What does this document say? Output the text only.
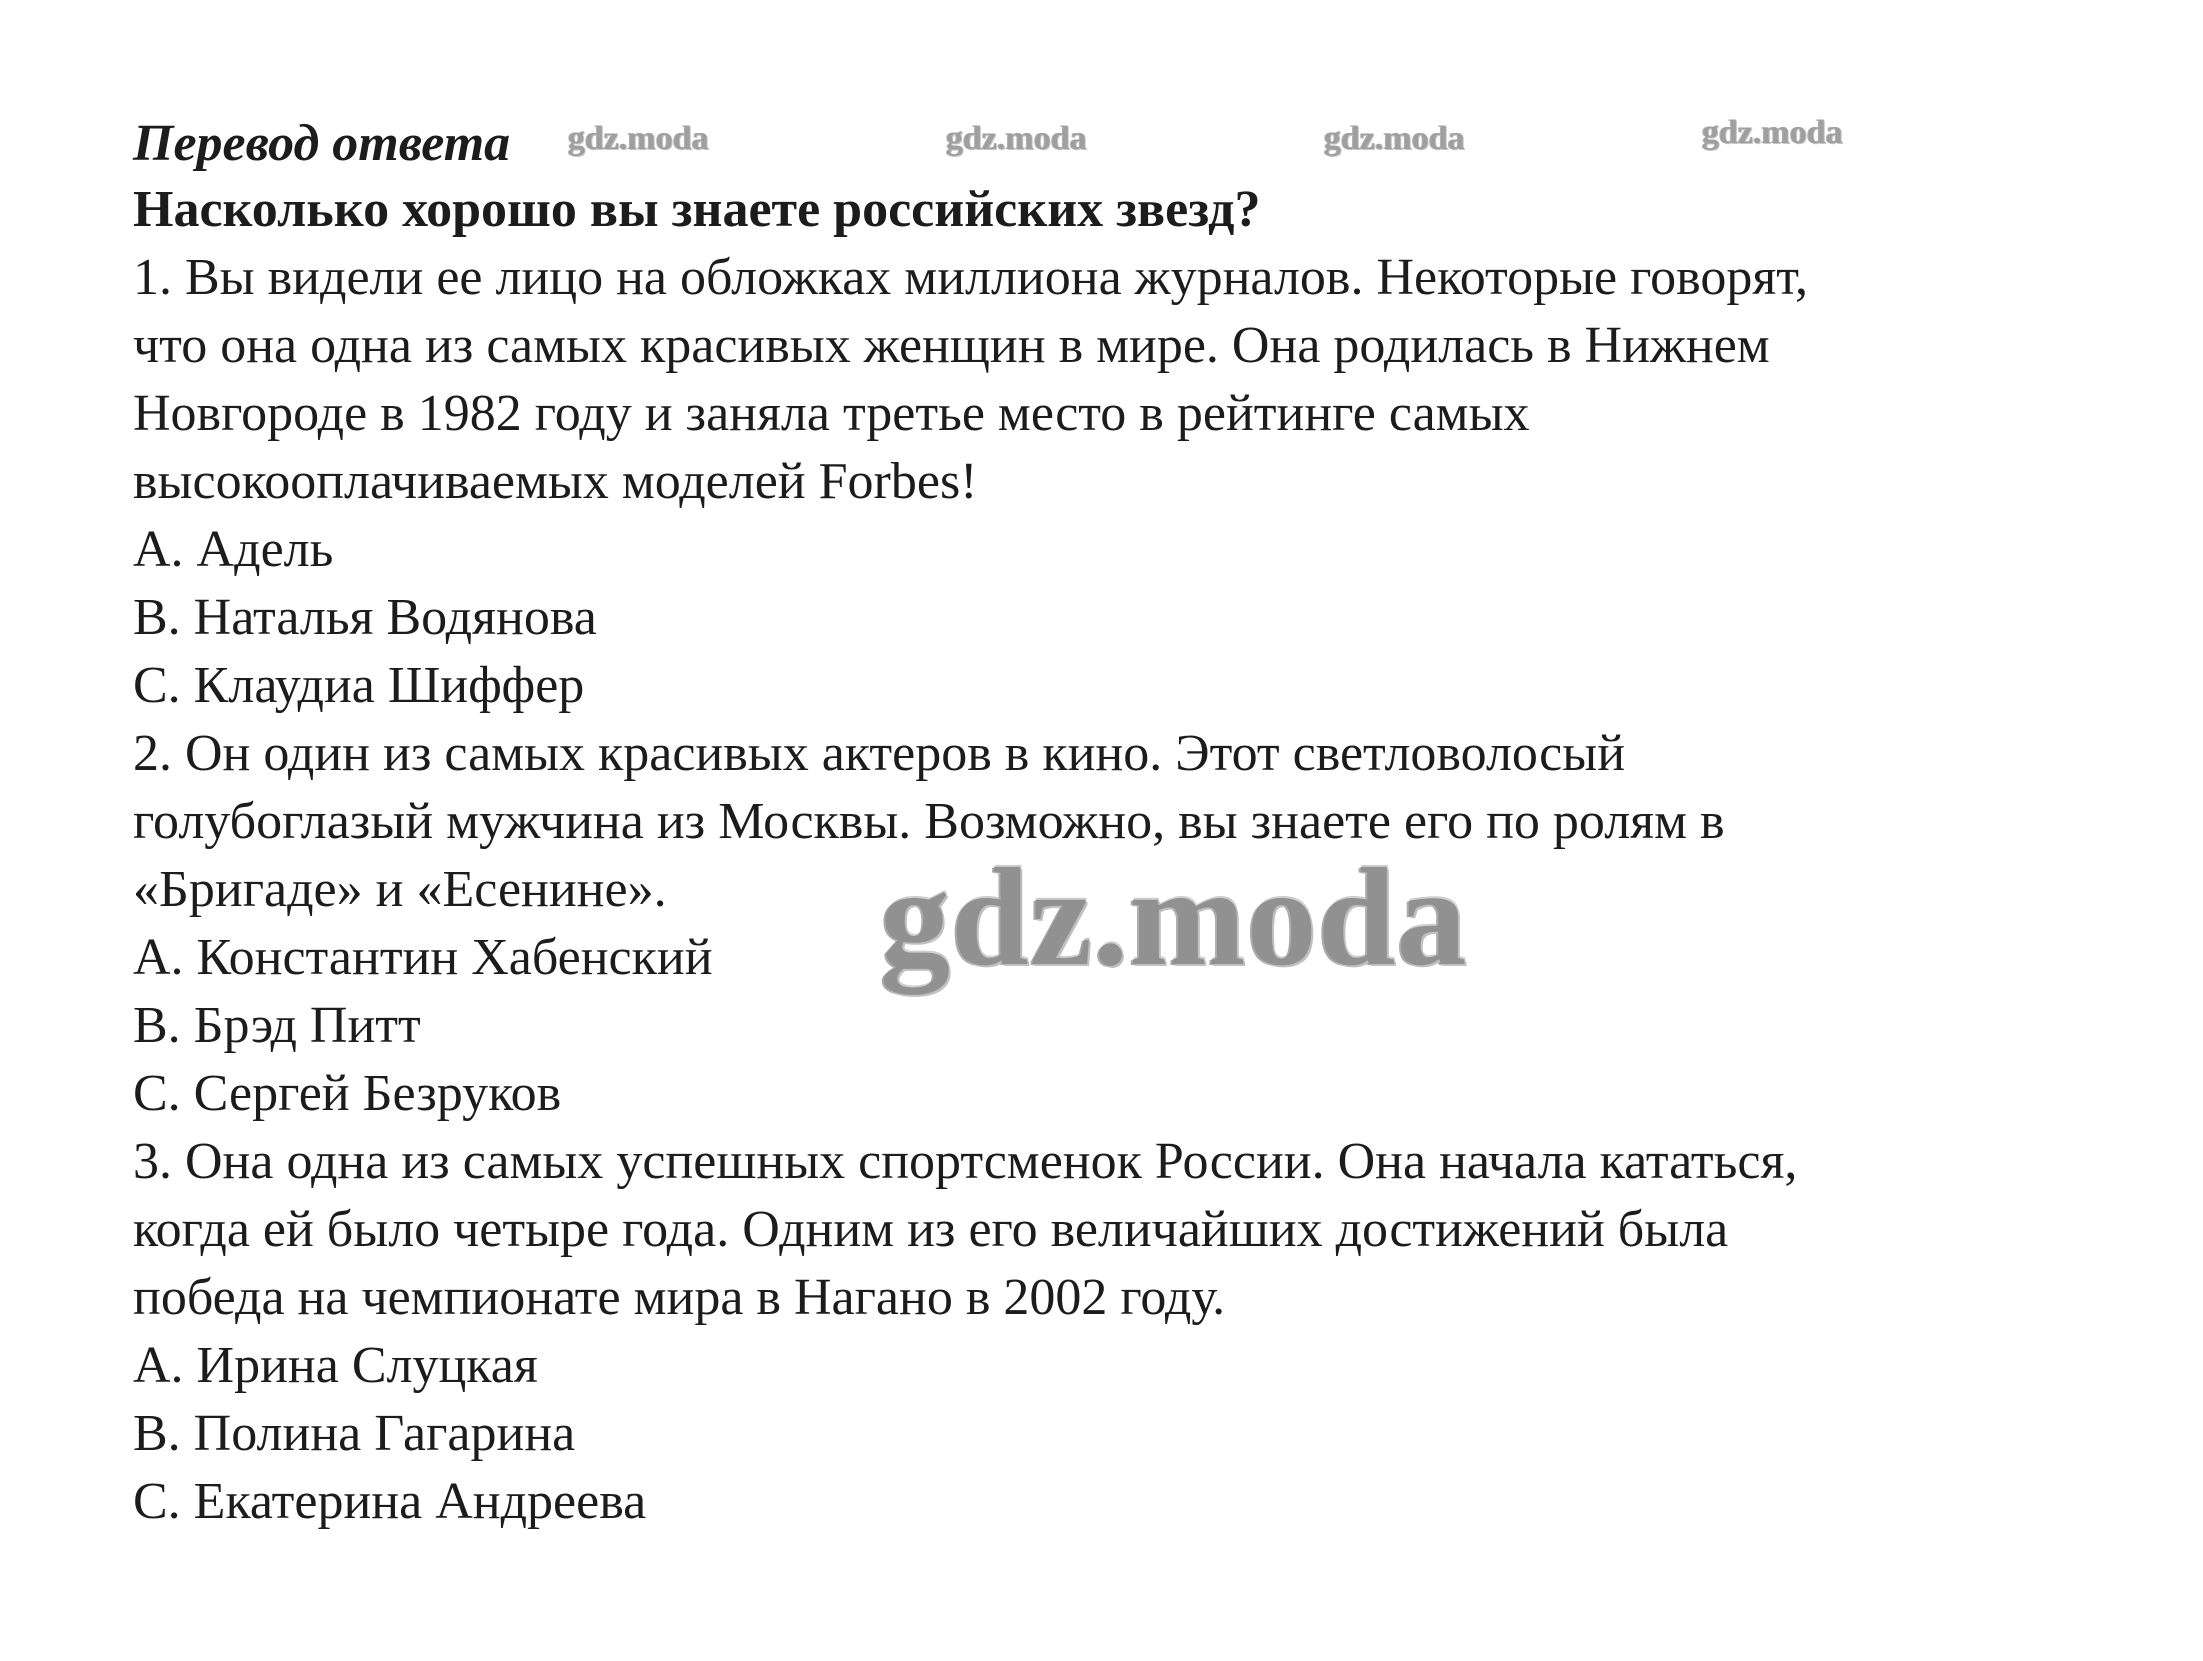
Перевод ответа
Насколько хорошо вы знаете российских звезд?
1. Вы видели ее лицо на обложках миллиона журналов. Некоторые говорят,
что она одна из самых красивых женщин в мире. Она родилась в Нижнем
Новгороде в 1982 году и заняла третье место в рейтинге самых
высокооплачиваемых моделей Forbes!
A. Адель
B. Наталья Водянова
C. Клаудиа Шиффер
2. Он один из самых красивых актеров в кино. Этот светловолосый
голубоглазый мужчина из Москвы. Возможно, вы знаете его по ролям в
«Бригаде» и «Есенине».
A. Константин Хабенский
B. Брэд Питт
C. Сергей Безруков
3. Она одна из самых успешных спортсменок России. Она начала кататься,
когда ей было четыре года. Одним из его величайших достижений была
победа на чемпионате мира в Нагано в 2002 году.
A. Ирина Слуцкая
B. Полина Гагарина
C. Екатерина Андреева
gdz.moda	gdz.moda	gdz.moda	gdz.moda
gdz.moda
